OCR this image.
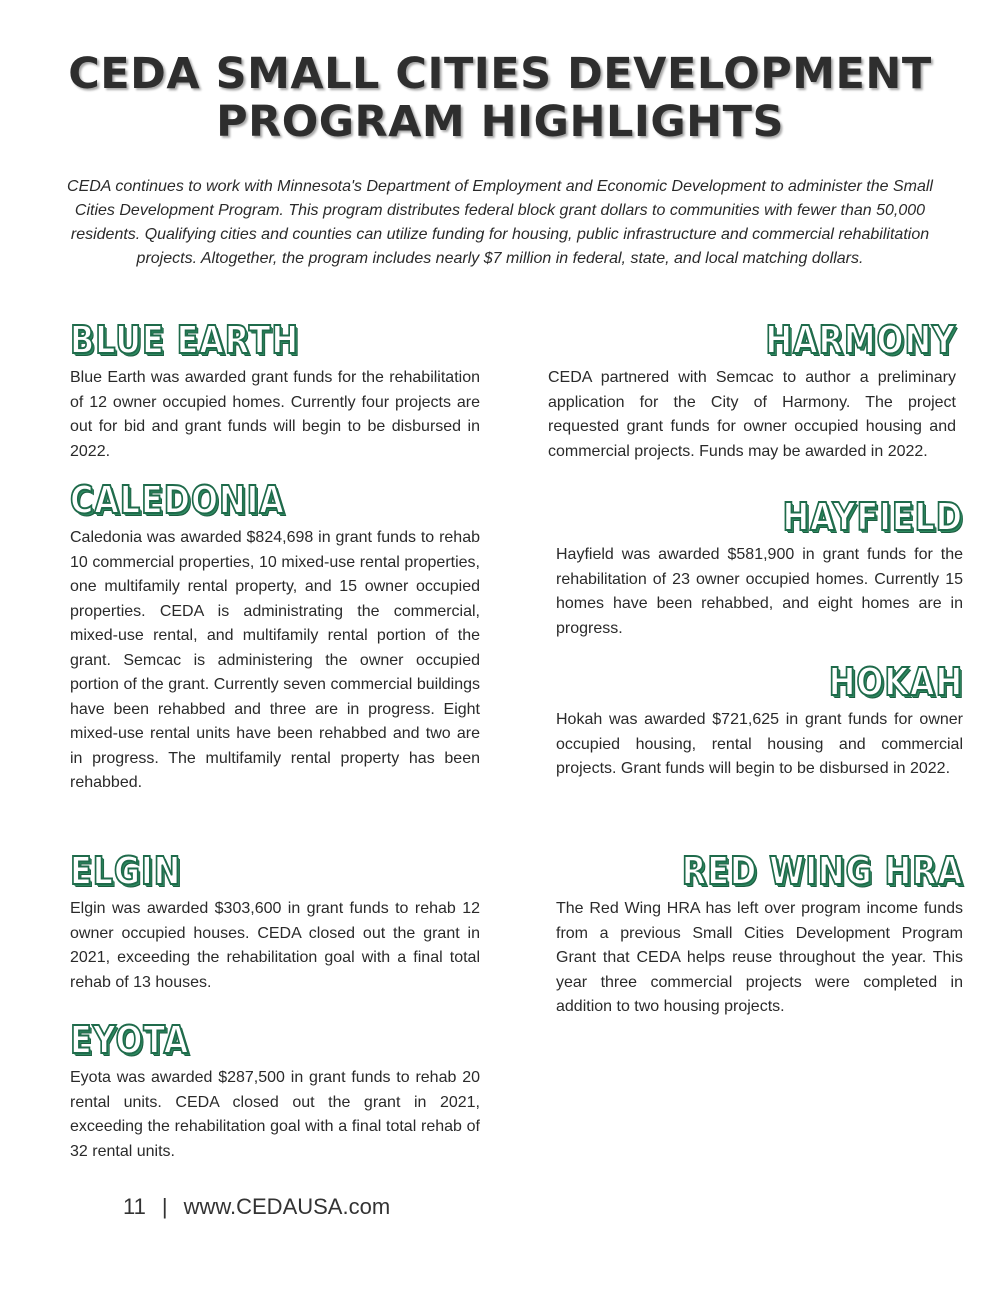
CEDA SMALL CITIES DEVELOPMENT
PROGRAM HIGHLIGHTS

CEDA continues to work with Minnesota's Department of Employment and Economic Development to administer the Small Cities Development Program. This program distributes federal block grant dollars to communities with fewer than 50,000 residents. Qualifying cities and counties can utilize funding for housing, public infrastructure and commercial rehabilitation projects. Altogether, the program includes nearly $7 million in federal, state, and local matching dollars.

BLUE EARTH

Blue Earth was awarded grant funds for the rehabilitation of 12 owner occupied homes. Currently four projects are out for bid and grant funds will begin to be disbursed in 2022.

CALEDONIA

Caledonia was awarded $824,698 in grant funds to rehab 10 commercial properties, 10 mixed-use rental properties, one multifamily rental property, and 15 owner occupied properties. CEDA is administrating the commercial, mixed-use rental, and multifamily rental portion of the grant. Semcac is administering the owner occupied portion of the grant. Currently seven commercial buildings have been rehabbed and three are in progress. Eight mixed-use rental units have been rehabbed and two are in progress. The multifamily rental property has been rehabbed.

ELGIN

Elgin was awarded $303,600 in grant funds to rehab 12 owner occupied houses. CEDA closed out the grant in 2021, exceeding the rehabilitation goal with a final total rehab of 13 houses.

EYOTA

Eyota was awarded $287,500 in grant funds to rehab 20 rental units. CEDA closed out the grant in 2021, exceeding the rehabilitation goal with a final total rehab of 32 rental units.

HARMONY

CEDA partnered with Semcac to author a preliminary application for the City of Harmony. The project requested grant funds for owner occupied housing and commercial projects. Funds may be awarded in 2022.

HAYFIELD

Hayfield was awarded $581,900 in grant funds for the rehabilitation of 23 owner occupied homes. Currently 15 homes have been rehabbed, and eight homes are in progress.

HOKAH

Hokah was awarded $721,625 in grant funds for owner occupied housing, rental housing and commercial projects. Grant funds will begin to be disbursed in 2022.

RED WING HRA

The Red Wing HRA has left over program income funds from a previous Small Cities Development Program Grant that CEDA helps reuse throughout the year. This year three commercial projects were completed in addition to two housing projects.

11 | www.CEDAUSA.com
